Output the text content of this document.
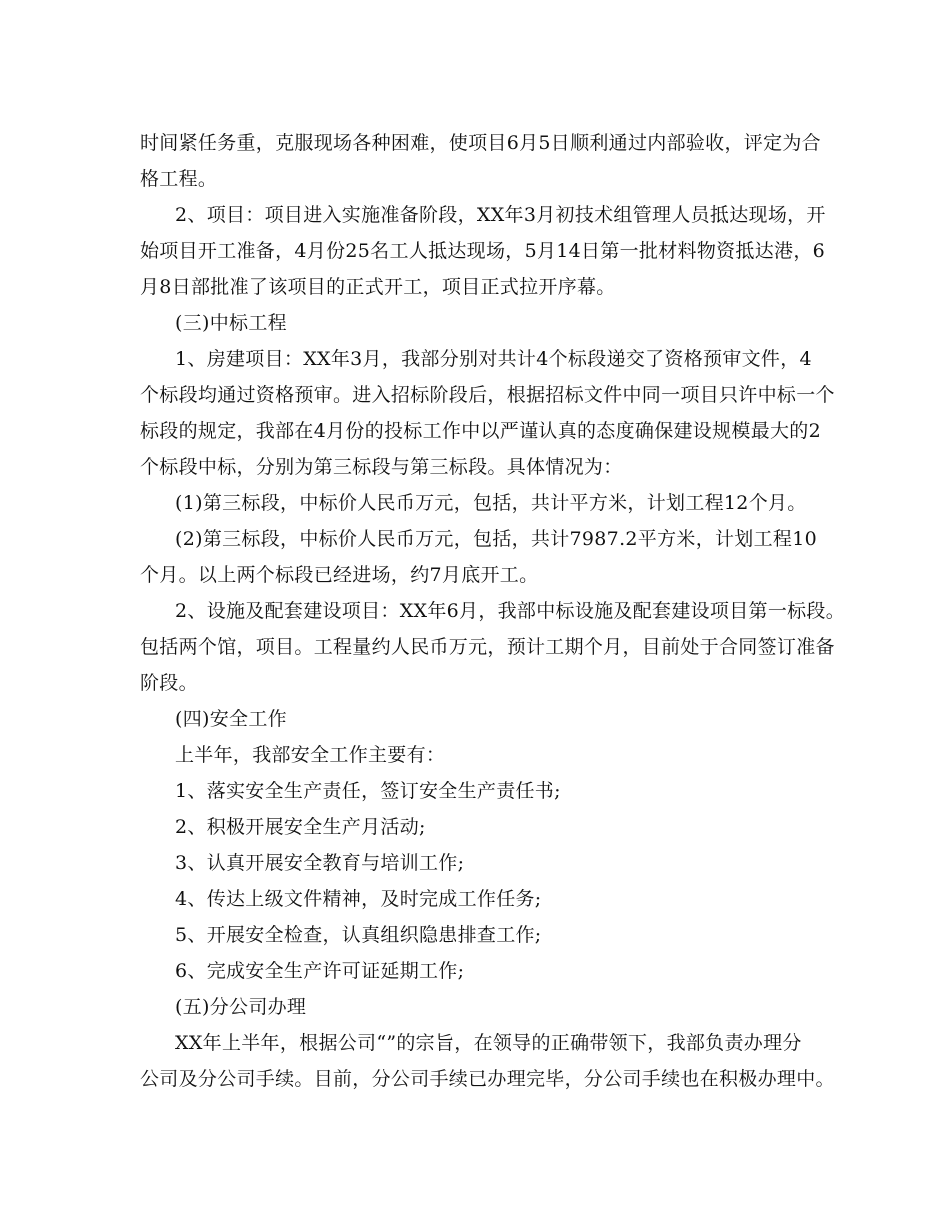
时间紧任务重，克服现场各种困难，使项目6月5日顺利通过内部验收，评定为合
格工程。
2、项目：项目进入实施准备阶段，XX年3月初技术组管理人员抵达现场，开
始项目开工准备，4月份25名工人抵达现场，5月14日第一批材料物资抵达港，6
月8日部批准了该项目的正式开工，项目正式拉开序幕。
(三)中标工程
1、房建项目：XX年3月，我部分别对共计4个标段递交了资格预审文件，4
个标段均通过资格预审。进入招标阶段后，根据招标文件中同一项目只许中标一个
标段的规定，我部在4月份的投标工作中以严谨认真的态度确保建设规模最大的2
个标段中标，分别为第三标段与第三标段。具体情况为：
(1)第三标段，中标价人民币万元，包括，共计平方米，计划工程12个月。
(2)第三标段，中标价人民币万元，包括，共计7987.2平方米，计划工程10
个月。以上两个标段已经进场，约7月底开工。
2、设施及配套建设项目：XX年6月，我部中标设施及配套建设项目第一标段。
包括两个馆，项目。工程量约人民币万元，预计工期个月，目前处于合同签订准备
阶段。
(四)安全工作
上半年，我部安全工作主要有：
1、落实安全生产责任，签订安全生产责任书;
2、积极开展安全生产月活动;
3、认真开展安全教育与培训工作;
4、传达上级文件精神，及时完成工作任务;
5、开展安全检查，认真组织隐患排查工作;
6、完成安全生产许可证延期工作;
(五)分公司办理
XX年上半年，根据公司“”的宗旨，在领导的正确带领下，我部负责办理分
公司及分公司手续。目前，分公司手续已办理完毕，分公司手续也在积极办理中。
